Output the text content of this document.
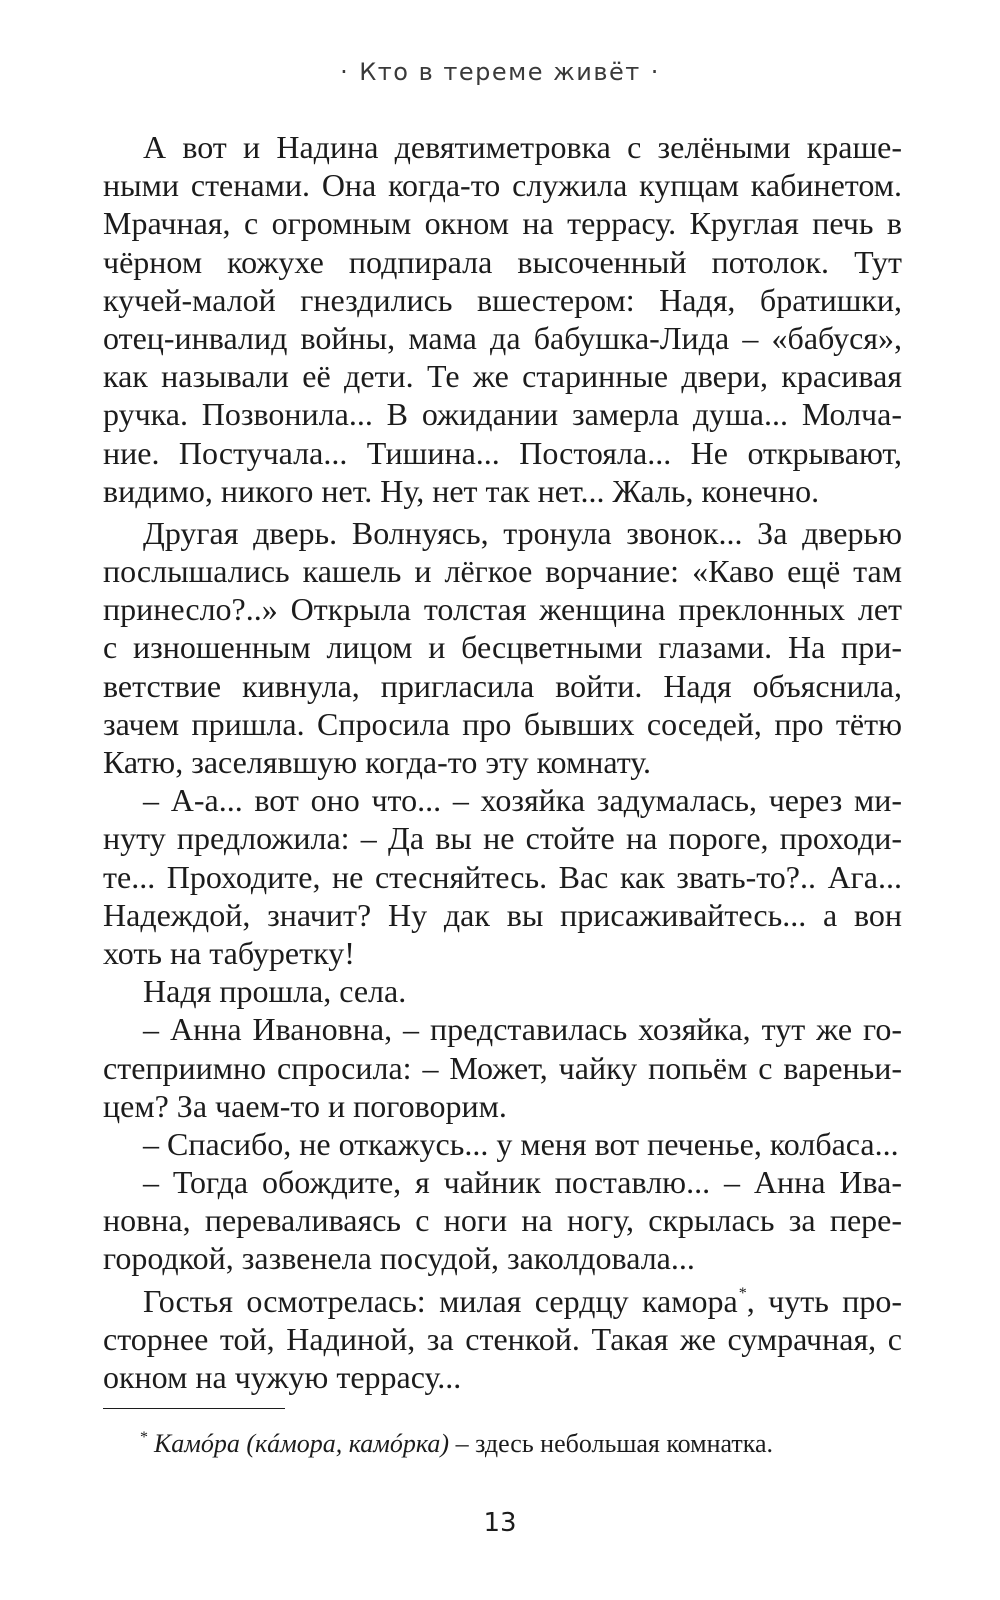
· Кто в тереме живёт ·
А вот и Надина девятиметровка с зелёными краше-
ными стенами. Она когда-то служила купцам кабинетом.
Мрачная, с огромным окном на террасу. Круглая печь в
чёрном кожухе подпирала высоченный потолок. Тут
кучей-малой гнездились вшестером: Надя, братишки,
отец-инвалид войны, мама да бабушка-Лида – «бабуся»,
как называли её дети. Те же старинные двери, красивая
ручка. Позвонила... В ожидании замерла душа... Молча-
ние. Постучала... Тишина... Постояла... Не открывают,
видимо, никого нет. Ну, нет так нет... Жаль, конечно.
Другая дверь. Волнуясь, тронула звонок... За дверью
послышались кашель и лёгкое ворчание: «Каво ещё там
принесло?..» Открыла толстая женщина преклонных лет
с изношенным лицом и бесцветными глазами. На при-
ветствие кивнула, пригласила войти. Надя объяснила,
зачем пришла. Спросила про бывших соседей, про тётю
Катю, заселявшую когда-то эту комнату.
– А-а... вот оно что... – хозяйка задумалась, через ми-
нуту предложила: – Да вы не стойте на пороге, проходи-
те... Проходите, не стесняйтесь. Вас как звать-то?.. Ага...
Надеждой, значит? Ну дак вы присаживайтесь... а вон
хоть на табуретку!
Надя прошла, села.
– Анна Ивановна, – представилась хозяйка, тут же го-
степриимно спросила: – Может, чайку попьём с вареньи-
цем? За чаем-то и поговорим.
– Спасибо, не откажусь... у меня вот печенье, колбаса...
– Тогда обождите, я чайник поставлю... – Анна Ива-
новна, переваливаясь с ноги на ногу, скрылась за пере-
городкой, зазвенела посудой, заколдовала...
Гостья осмотрелась: милая сердцу камора*, чуть про-
сторнее той, Надиной, за стенкой. Такая же сумрачная, с
окном на чужую террасу...
* Камóра (кáмора, камóрка) – здесь небольшая комнатка.
13
